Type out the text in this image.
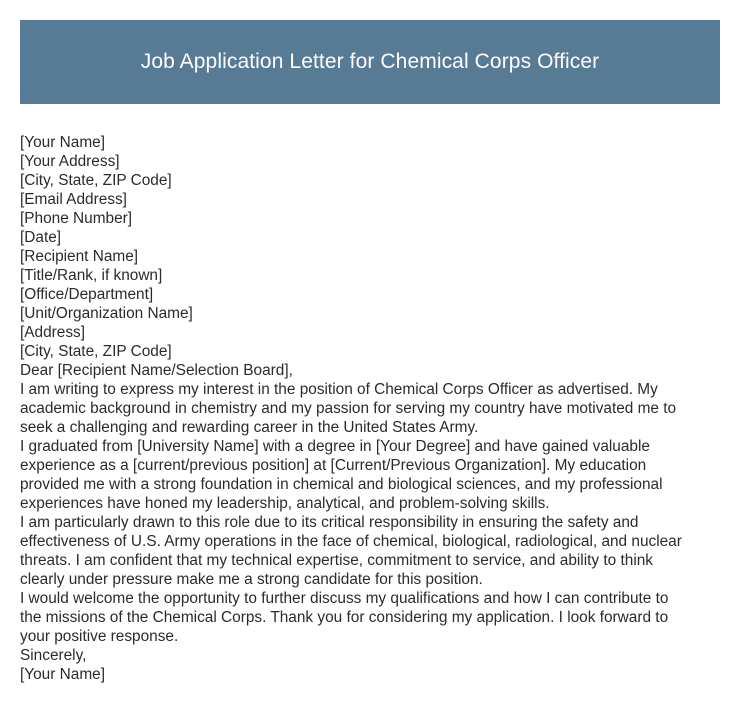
Job Application Letter for Chemical Corps Officer
[Your Name]
[Your Address]
[City, State, ZIP Code]
[Email Address]
[Phone Number]
[Date]
[Recipient Name]
[Title/Rank, if known]
[Office/Department]
[Unit/Organization Name]
[Address]
[City, State, ZIP Code]
Dear [Recipient Name/Selection Board],
I am writing to express my interest in the position of Chemical Corps Officer as advertised. My
academic background in chemistry and my passion for serving my country have motivated me to
seek a challenging and rewarding career in the United States Army.
I graduated from [University Name] with a degree in [Your Degree] and have gained valuable
experience as a [current/previous position] at [Current/Previous Organization]. My education
provided me with a strong foundation in chemical and biological sciences, and my professional
experiences have honed my leadership, analytical, and problem-solving skills.
I am particularly drawn to this role due to its critical responsibility in ensuring the safety and
effectiveness of U.S. Army operations in the face of chemical, biological, radiological, and nuclear
threats. I am confident that my technical expertise, commitment to service, and ability to think
clearly under pressure make me a strong candidate for this position.
I would welcome the opportunity to further discuss my qualifications and how I can contribute to
the missions of the Chemical Corps. Thank you for considering my application. I look forward to
your positive response.
Sincerely,
[Your Name]
